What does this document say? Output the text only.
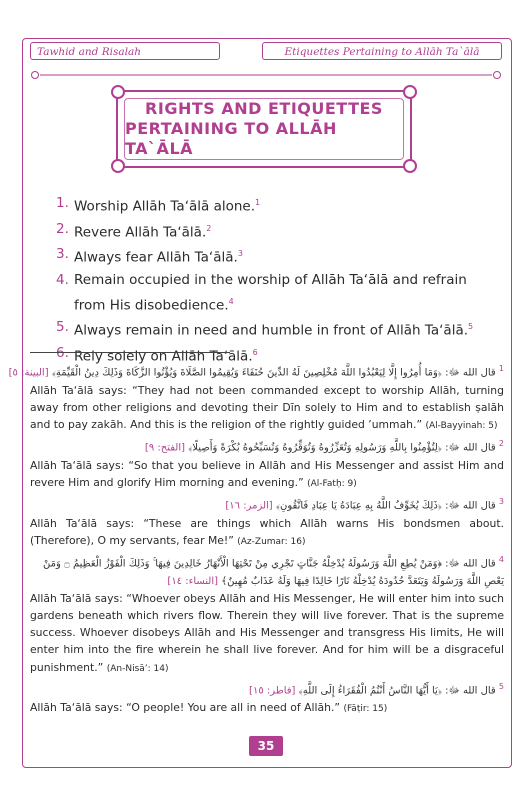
Tawhid and Risalah	Etiquettes Pertaining to Allāh Ta`ālā
RIGHTS AND ETIQUETTES
PERTAINING TO ALLĀH TA`ĀLĀ
1. Worship Allāh Ta‘ālā alone.$^1$
2. Revere Allāh Ta‘ālā.$^2$
3. Always fear Allāh Ta‘ālā.$^3$
4. Remain occupied in the worship of Allāh Ta‘ālā and refrain from His disobedience.$^4$
5. Always remain in need and humble in front of Allāh Ta‘ālā.$^5$
6. Rely solely on Allāh Ta‘ālā.$^6$
$^1$ قال الله ﷻ: ﴿وَمَا أُمِرُوا إِلَّا لِيَعْبُدُوا اللَّهَ مُخْلِصِينَ لَهُ الدِّينَ حُنَفَاءَ وَيُقِيمُوا الصَّلَاةَ وَيُؤْتُوا الزَّكَاةَ وَذَلِكَ دِينُ الْقَيِّمَةِ﴾ [البينة: ٥]
Allāh Ta‘ālā says: “They had not been commanded except to worship Allāh, turning away from other religions and devoting their Dīn solely to Him and to establish ṣalāh and to pay zakāh. And this is the religion of the rightly guided ’ummah.” (Al-Bayyinah: 5)
$^2$ قال الله ﷻ: ﴿لِتُؤْمِنُوا بِاللَّهِ وَرَسُولِهِ وَتُعَزِّرُوهُ وَتُوَقِّرُوهُ وَتُسَبِّحُوهُ بُكْرَةً وَأَصِيلًا﴾ [الفتح: ٩]
Allāh Ta‘ālā says: “So that you believe in Allāh and His Messenger and assist Him and revere Him and glorify Him morning and evening.” (Al-Fatḥ: 9)
$^3$ قال الله ﷻ: ﴿ذَلِكَ يُخَوِّفُ اللَّهُ بِهِ عِبَادَهُ يَا عِبَادِ فَاتَّقُونِ﴾ [الزمر: ١٦]
Allāh Ta‘ālā says: “These are things which Allāh warns His bondsmen about. (Therefore), O my servants, fear Me!” (Az-Zumar: 16)
$^4$ قال الله ﷻ: ﴿وَمَنْ يُطِعِ اللَّهَ وَرَسُولَهُ يُدْخِلْهُ جَنَّاتٍ تَجْرِي مِنْ تَحْتِهَا الْأَنْهَارُ خَالِدِينَ فِيهَا ۚ وَذَلِكَ الْفَوْزُ الْعَظِيمُ ۝ وَمَنْ
يَعْصِ اللَّهَ وَرَسُولَهُ وَيَتَعَدَّ حُدُودَهُ يُدْخِلْهُ نَارًا خَالِدًا فِيهَا وَلَهُ عَذَابٌ مُهِينٌ﴾ [النساء: ١٤]
Allāh Ta‘ālā says: “Whoever obeys Allāh and His Messenger, He will enter him into such gardens beneath which rivers flow. Therein they will live forever. That is the supreme success. Whoever disobeys Allāh and His Messenger and transgress His limits, He will enter him into the fire wherein he shall live forever. And for him will be a disgraceful punishment.” (An-Nisā’: 14)
$^5$ قال الله ﷻ: ﴿يَا أَيُّهَا النَّاسُ أَنْتُمُ الْفُقَرَاءُ إِلَى اللَّهِ﴾ [فاطر: ١٥]
Allāh Ta‘ālā says: “O people! You are all in need of Allāh.” (Fāṭir: 15)
35
